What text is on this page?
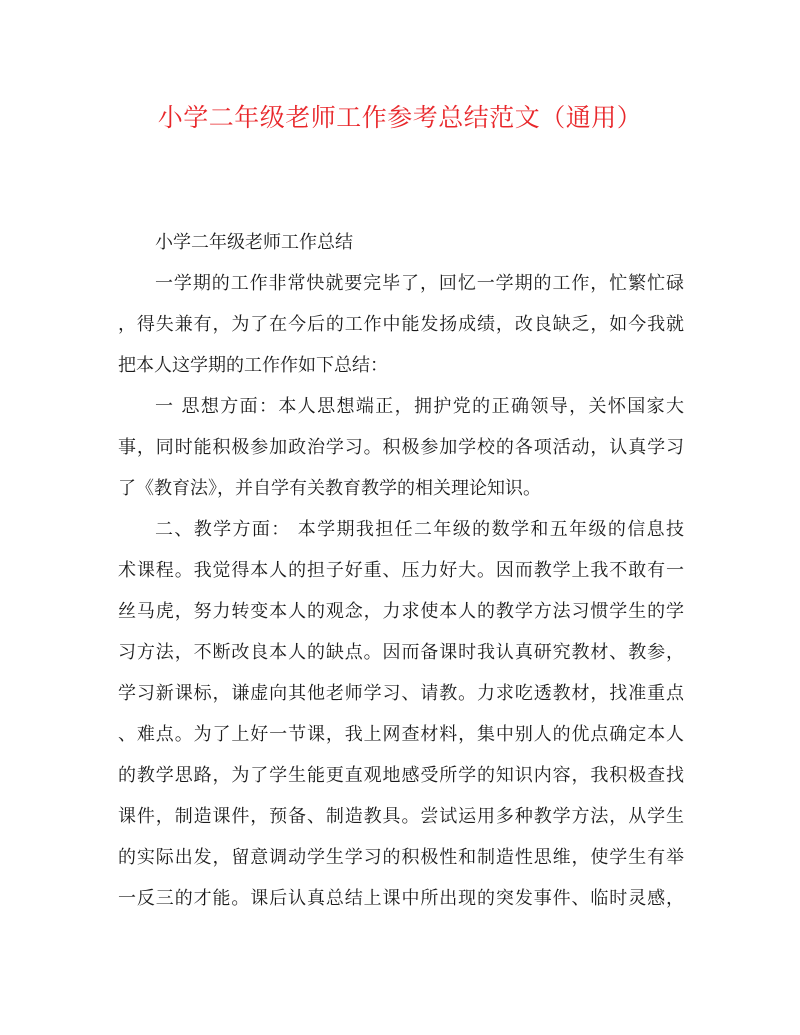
小学二年级老师工作参考总结范文（通用）
小学二年级老师工作总结
一学期的工作非常快就要完毕了，回忆一学期的工作，忙繁忙碌
，得失兼有，为了在今后的工作中能发扬成绩，改良缺乏，如今我就
把本人这学期的工作作如下总结：
一 思想方面：本人思想端正，拥护党的正确领导，关怀国家大
事，同时能积极参加政治学习。积极参加学校的各项活动，认真学习
了《教育法》，并自学有关教育教学的相关理论知识。
二、教学方面： 本学期我担任二年级的数学和五年级的信息技
术课程。我觉得本人的担子好重、压力好大。因而教学上我不敢有一
丝马虎，努力转变本人的观念，力求使本人的教学方法习惯学生的学
习方法，不断改良本人的缺点。因而备课时我认真研究教材、教参，
学习新课标，谦虚向其他老师学习、请教。力求吃透教材，找准重点
、难点。为了上好一节课，我上网查材料，集中别人的优点确定本人
的教学思路，为了学生能更直观地感受所学的知识内容，我积极查找
课件，制造课件，预备、制造教具。尝试运用多种教学方法，从学生
的实际出发，留意调动学生学习的积极性和制造性思维，使学生有举
一反三的才能。课后认真总结上课中所出现的突发事件、临时灵感，
